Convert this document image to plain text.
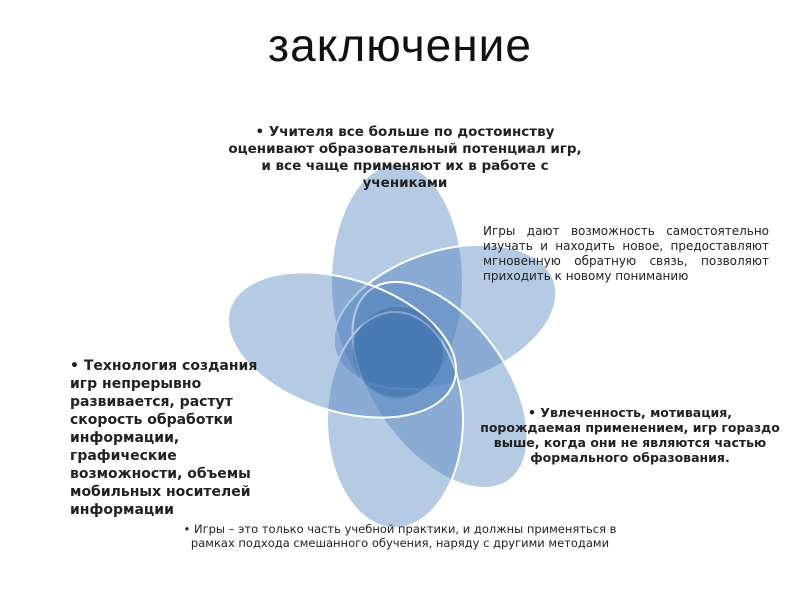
заключение
• Учителя все больше по достоинству оценивают образовательный потенциал игр, и все чаще применяют их в работе с учениками
Игры дают возможность самостоятельно изучать и находить новое, предоставляют мгновенную обратную связь, позволяют приходить к новому пониманию
• Увлеченность, мотивация, порождаемая применением, игр гораздо выше, когда они не являются частью формального образования.
• Игры – это только часть учебной практики, и должны применяться в рамках подхода смешанного обучения, наряду с другими методами
• Технология создания игр непрерывно развивается, растут скорость обработки информации, графические возможности, объемы мобильных носителей информации
